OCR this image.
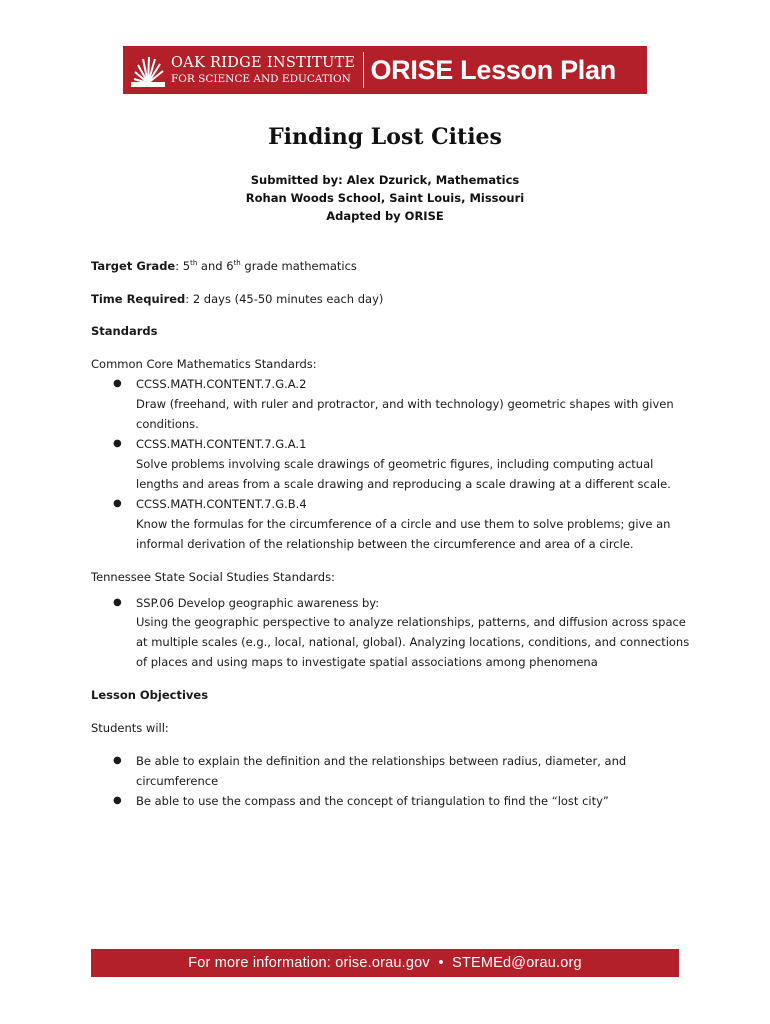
OAK RIDGE INSTITUTE
FOR SCIENCE AND EDUCATION ORISE Lesson Plan
Finding Lost Cities
Submitted by: Alex Dzurick, Mathematics
Rohan Woods School, Saint Louis, Missouri
Adapted by ORISE
Target Grade: 5th and 6th grade mathematics
Time Required: 2 days (45-50 minutes each day)
Standards
Common Core Mathematics Standards:
● CCSS.MATH.CONTENT.7.G.A.2
Draw (freehand, with ruler and protractor, and with technology) geometric shapes with given
conditions.
● CCSS.MATH.CONTENT.7.G.A.1
Solve problems involving scale drawings of geometric figures, including computing actual
lengths and areas from a scale drawing and reproducing a scale drawing at a different scale.
● CCSS.MATH.CONTENT.7.G.B.4
Know the formulas for the circumference of a circle and use them to solve problems; give an
informal derivation of the relationship between the circumference and area of a circle.
Tennessee State Social Studies Standards:
● SSP.06 Develop geographic awareness by:
Using the geographic perspective to analyze relationships, patterns, and diffusion across space
at multiple scales (e.g., local, national, global). Analyzing locations, conditions, and connections
of places and using maps to investigate spatial associations among phenomena
Lesson Objectives
Students will:
● Be able to explain the definition and the relationships between radius, diameter, and
circumference
● Be able to use the compass and the concept of triangulation to find the “lost city”
For more information: orise.orau.gov  •  STEMEd@orau.org
